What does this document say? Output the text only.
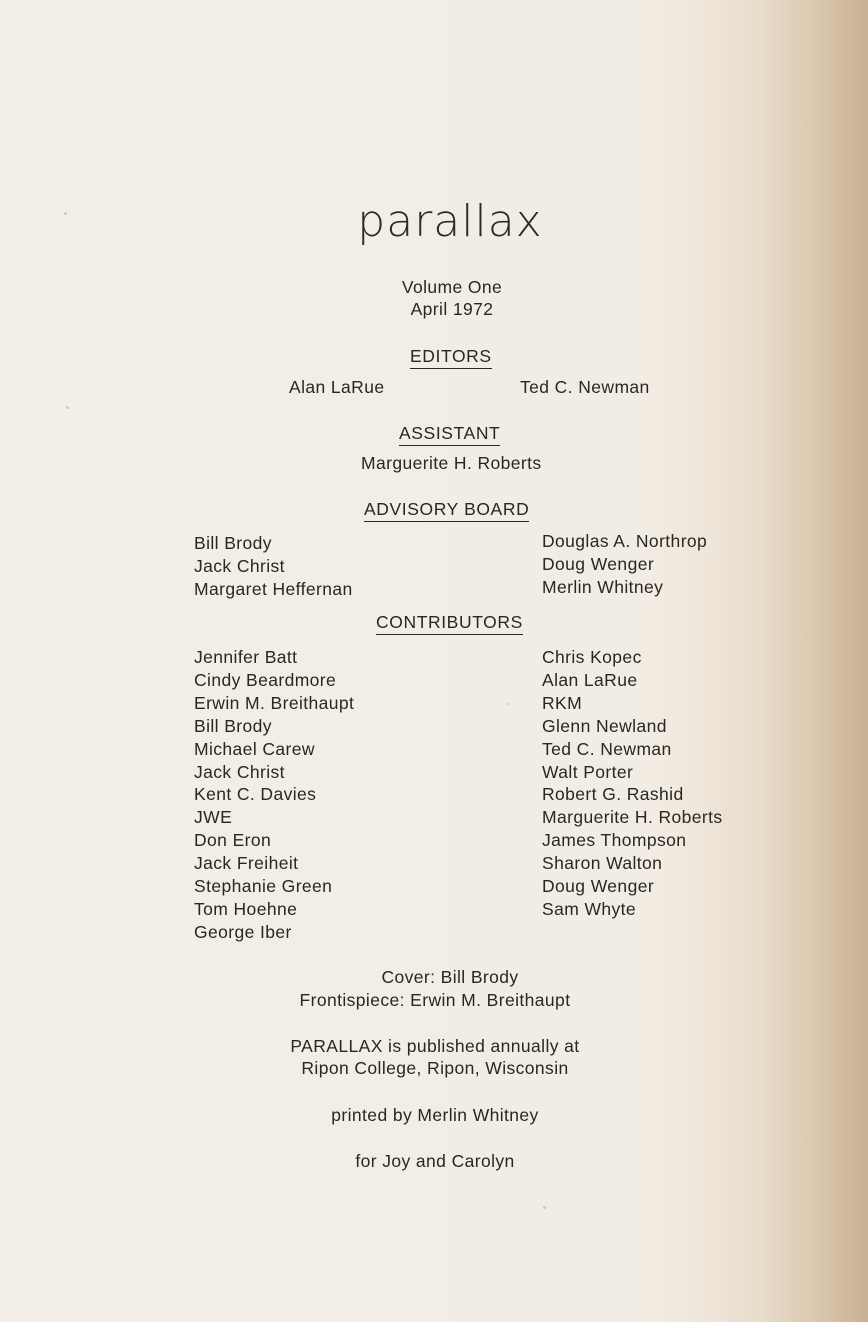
parallax
Volume One
April 1972
EDITORS
Alan LaRue	Ted C. Newman
ASSISTANT
Marguerite H. Roberts
ADVISORY BOARD
Bill Brody
Jack Christ
Margaret Heffernan
Douglas A. Northrop
Doug Wenger
Merlin Whitney
CONTRIBUTORS
Jennifer Batt
Cindy Beardmore
Erwin M. Breithaupt
Bill Brody
Michael Carew
Jack Christ
Kent C. Davies
JWE
Don Eron
Jack Freiheit
Stephanie Green
Tom Hoehne
George Iber
Chris Kopec
Alan LaRue
RKM
Glenn Newland
Ted C. Newman
Walt Porter
Robert G. Rashid
Marguerite H. Roberts
James Thompson
Sharon Walton
Doug Wenger
Sam Whyte
Cover: Bill Brody
Frontispiece: Erwin M. Breithaupt
PARALLAX is published annually at
Ripon College, Ripon, Wisconsin
printed by Merlin Whitney
for Joy and Carolyn
